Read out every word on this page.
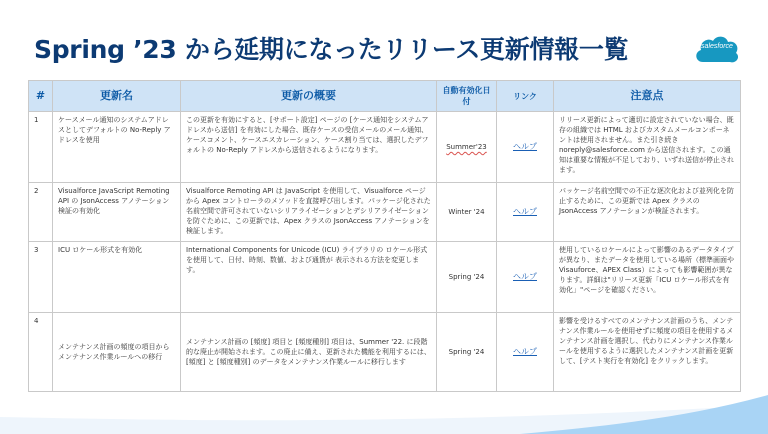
Spring ’23 から延期になったリリース更新情報一覧	salesforce
#	更新名	更新の概要	自動有効化日付	リンク	注意点
1	ケースメール通知のシステムアドレスとしてデフォルトの No-Reply アドレスを使用	この更新を有効にすると、[サポート設定] ページの [ケース通知をシステムアドレスから送信] を有効にした場合、既存ケースの受信メールのメール通知、ケースコメント、ケースエスカレーション、ケース割り当ては、選択したデフォルトの No-Reply アドレスから送信されるようになります。	Summer'23	ヘルプ	リリース更新によって適切に設定されていない場合、既存の組織では HTML およびカスタムメールコンポーネントは使用されません。また引き続き noreply@salesforce.com から送信されます。この通知は重要な情報が不足しており、いずれ送信が停止されます。
2	Visualforce JavaScript Remoting API の JsonAccess アノテーション検証の有効化	Visualforce Remoting API は JavaScript を使用して、Visualforce ページから Apex コントローラのメソッドを直接呼び出します。パッケージ化された名前空間で許可されていないシリアライゼーションとデシリアライゼーションを防ぐために、この更新では、Apex クラスの JsonAccess アノテーションを検証します。	Winter '24	ヘルプ	パッケージ名前空間での不正な逐次化および並列化を防止するために、この更新では Apex クラスの JsonAccess アノテーションが検証されます。
3	ICU ロケール形式を有効化	International Components for Unicode (ICU) ライブラリの ロケール形式を使用して、日付、時刻、数値、および通貨が 表示される方法を変更します。	Spring '24	ヘルプ	使用しているロケールによって影響のあるデータタイプが異なり、またデータを使用している場所（標準画面やVisauforce、APEX Class）によっても影響範囲が異なります。詳細は"リリース更新「ICU ロケール形式を有効化」"ページを確認ください。
4	メンテナンス計画の頻度の項目からメンテナンス作業ルールへの移行	メンテナンス計画の [頻度] 項目と [頻度種別] 項目は、Summer '22. に段階的な廃止が開始されます。この廃止に備え、更新された機能を利用するには、[頻度] と [頻度種別] のデータをメンテナンス作業ルールに移行します	Spring '24	ヘルプ	影響を受けるすべてのメンテナンス計画のうち、メンテナンス作業ルールを使用せずに頻度の項目を使用するメンテナンス計画を選択し、代わりにメンテナンス作業ルールを使用するように選択したメンテナンス計画を更新して、[テスト実行を有効化] をクリックします。
